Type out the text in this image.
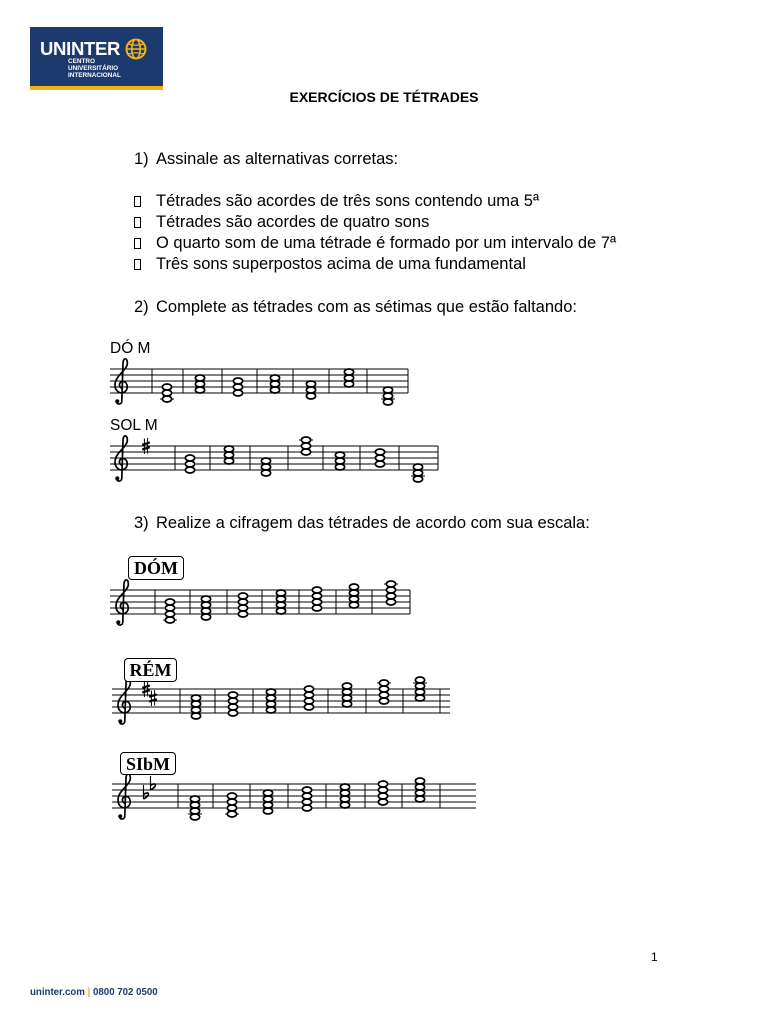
UNINTER
CENTRO
UNIVERSITÁRIO
INTERNACIONAL
EXERCÍCIOS DE TÉTRADES
1) Assinale as alternativas corretas:
Tétrades são acordes de três sons contendo uma 5ª
Tétrades são acordes de quatro sons
O quarto som de uma tétrade é formado por um intervalo de 7ª
Três sons superpostos acima de uma fundamental
2) Complete as tétrades com as sétimas que estão faltando:
DÓ M
SOL M
3) Realize a cifragem das tétrades de acordo com sua escala:
DÓM
RÉM
SIbM
1
uninter.com | 0800 702 0500
